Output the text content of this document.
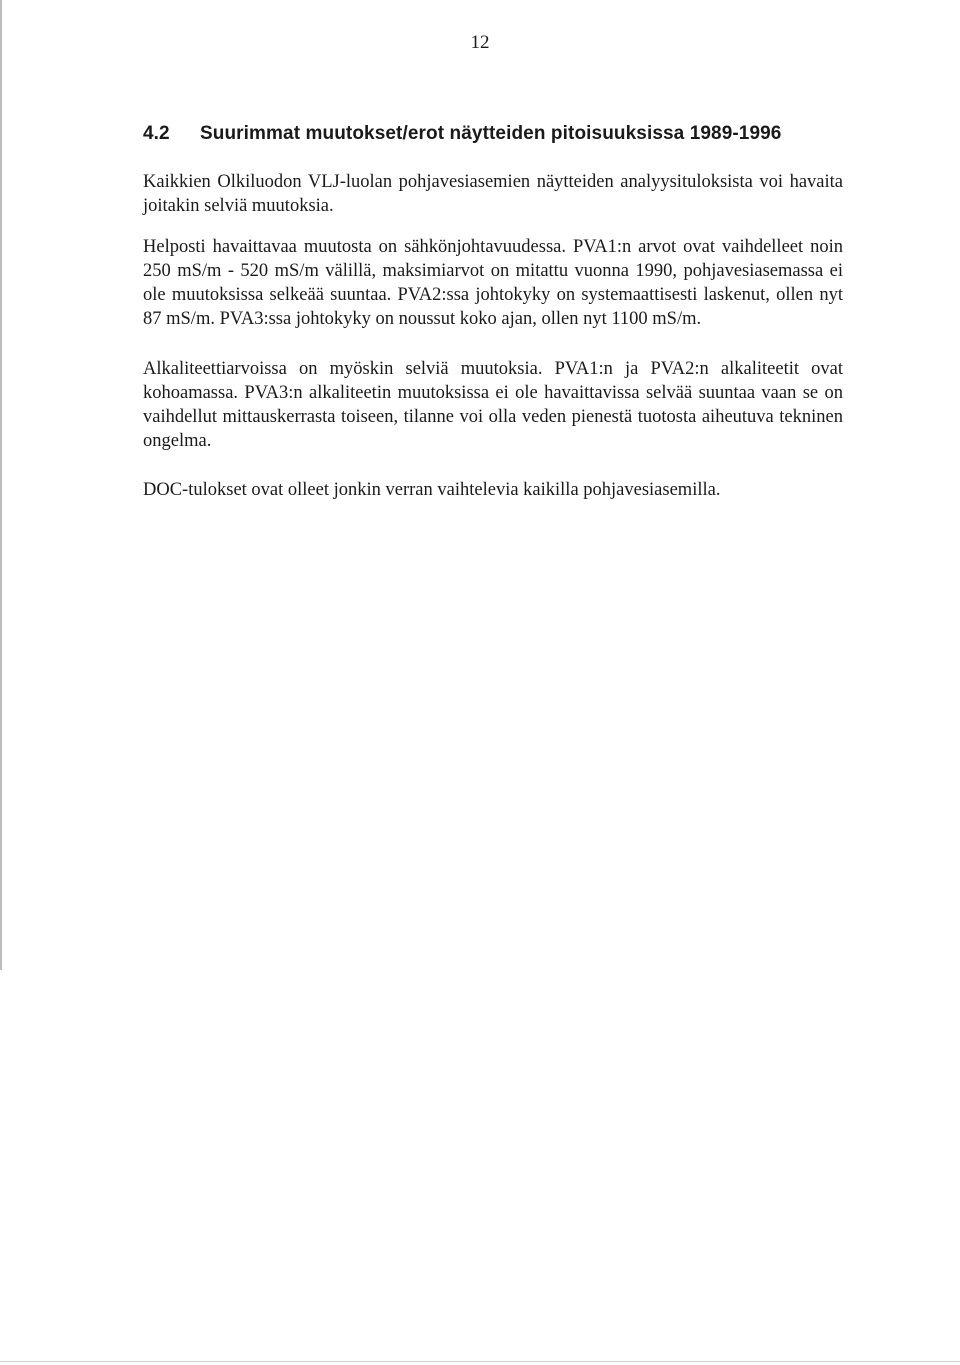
12
4.2 Suurimmat muutokset/erot näytteiden pitoisuuksissa 1989-1996

Kaikkien Olkiluodon VLJ-luolan pohjavesiasemien näytteiden analyysituloksista voi havaita joitakin selviä muutoksia.

Helposti havaittavaa muutosta on sähkönjohtavuudessa. PVA1:n arvot ovat vaihdelleet noin 250 mS/m - 520 mS/m välillä, maksimiarvot on mitattu vuonna 1990, pohjavesiasemassa ei ole muutoksissa selkeää suuntaa. PVA2:ssa johtokyky on systemaattisesti laskenut, ollen nyt 87 mS/m. PVA3:ssa johtokyky on noussut koko ajan, ollen nyt 1100 mS/m.

Alkaliteettiarvoissa on myöskin selviä muutoksia. PVA1:n ja PVA2:n alkaliteetit ovat kohoamassa. PVA3:n alkaliteetin muutoksissa ei ole havaittavissa selvää suuntaa vaan se on vaihdellut mittauskerrasta toiseen, tilanne voi olla veden pienestä tuotosta aiheutuva tekninen ongelma.

DOC-tulokset ovat olleet jonkin verran vaihtelevia kaikilla pohjavesiasemilla.
